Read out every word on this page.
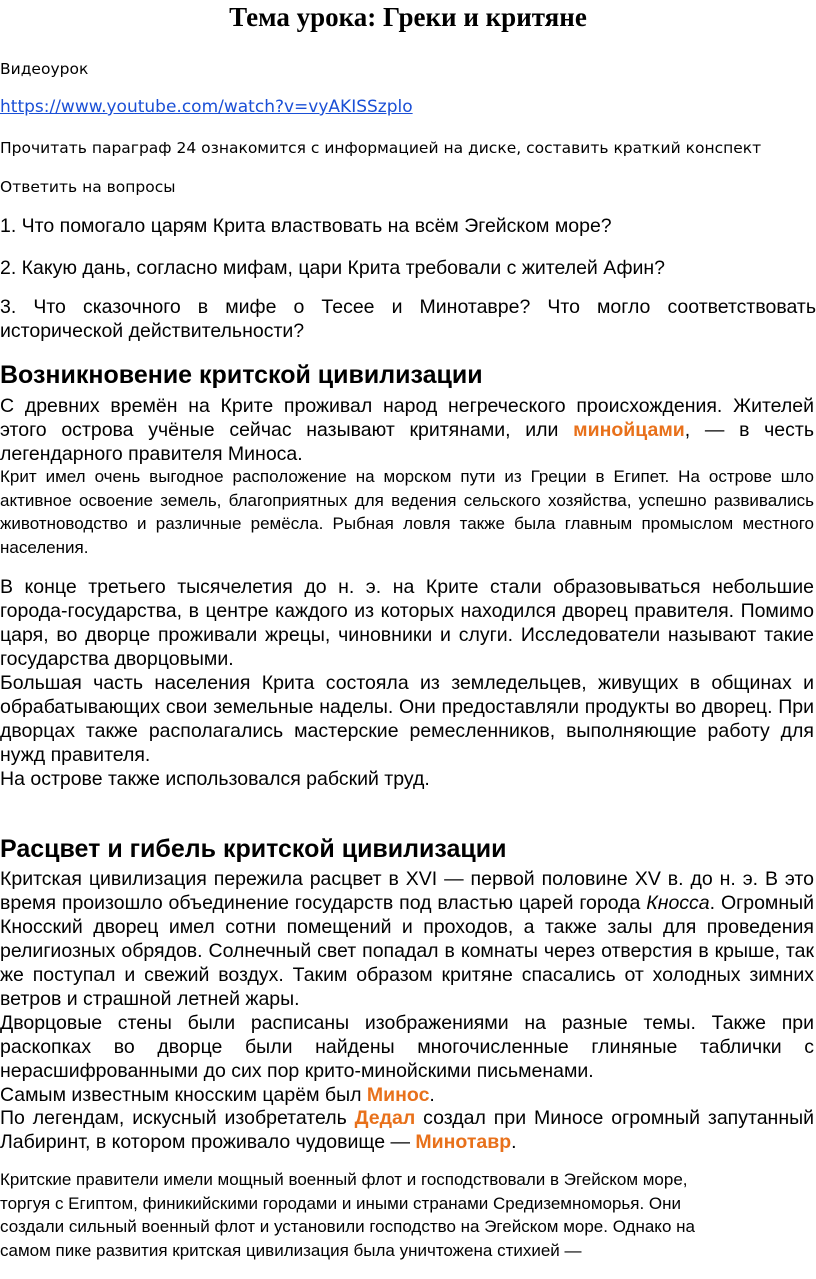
Тема урока: Греки и критяне
Видеоурок
https://www.youtube.com/watch?v=vyAKISSzplo
Прочитать параграф 24 ознакомится с информацией на диске, составить краткий конспект
Ответить на вопросы
1. Что помогало царям Крита властвовать на всём Эгейском море?
2. Какую дань, согласно мифам, цари Крита требовали с жителей Афин?
3. Что сказочного в мифе о Тесее и Минотавре? Что могло соответствовать
исторической действительности?
Возникновение критской цивилизации

С древних времён на Крите проживал народ негреческого происхождения. Жителей этого острова учёные сейчас называют критянами, или минойцами, — в честь легендарного правителя Миноса.

Крит имел очень выгодное расположение на морском пути из Греции в Египет. На острове шло активное освоение земель, благоприятных для ведения сельского хозяйства, успешно развивались животноводство и различные ремёсла. Рыбная ловля также была главным промыслом местного населения.

В конце третьего тысячелетия до н. э. на Крите стали образовываться небольшие города-государства, в центре каждого из которых находился дворец правителя. Помимо царя, во дворце проживали жрецы, чиновники и слуги. Исследователи называют такие государства дворцовыми.

Большая часть населения Крита состояла из земледельцев, живущих в общинах и обрабатывающих свои земельные наделы. Они предоставляли продукты во дворец. При дворцах также располагались мастерские ремесленников, выполняющие работу для нужд правителя.

На острове также использовался рабский труд.

Расцвет и гибель критской цивилизации

Критская цивилизация пережила расцвет в XVI — первой половине XV в. до н. э. В это время произошло объединение государств под властью царей города Кносса. Огромный Кносский дворец имел сотни помещений и проходов, а также залы для проведения религиозных обрядов. Солнечный свет попадал в комнаты через отверстия в крыше, так же поступал и свежий воздух. Таким образом критяне спасались от холодных зимних ветров и страшной летней жары.

Дворцовые стены были расписаны изображениями на разные темы. Также при раскопках во дворце были найдены многочисленные глиняные таблички с нерасшифрованными до сих пор крито-минойскими письменами.

Самым известным кносским царём был Минос.

По легендам, искусный изобретатель Дедал создал при Миносе огромный запутанный Лабиринт, в котором проживало чудовище — Минотавр.

Критские правители имели мощный военный флот и господствовали в Эгейском море,
торгуя с Египтом, финикийскими городами и иными странами Средиземноморья. Они
создали сильный военный флот и установили господство на Эгейском море. Однако на
самом пике развития критская цивилизация была уничтожена стихией —
